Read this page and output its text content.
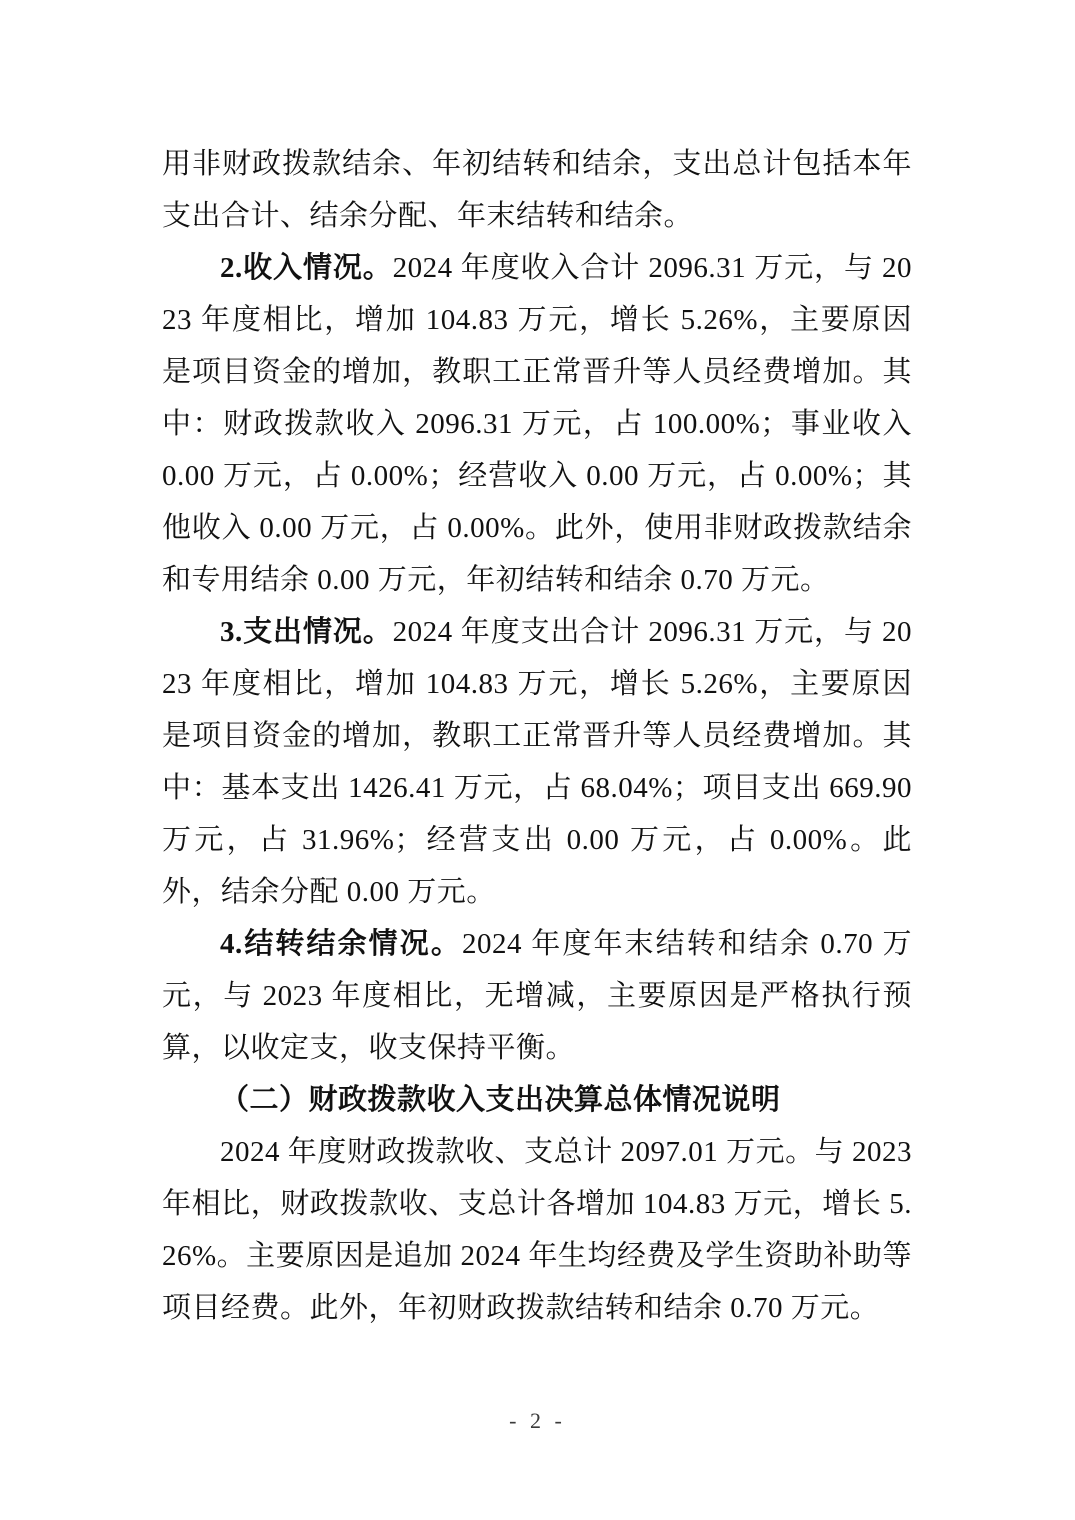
用非财政拨款结余、年初结转和结余，支出总计包括本年支出合计、结余分配、年末结转和结余。

2.收入情况。2024 年度收入合计 2096.31 万元，与 2023 年度相比，增加 104.83 万元，增长 5.26%，主要原因是项目资金的增加，教职工正常晋升等人员经费增加。其中：财政拨款收入 2096.31 万元，占 100.00%；事业收入 0.00 万元，占 0.00%；经营收入 0.00 万元，占 0.00%；其他收入 0.00 万元，占 0.00%。此外，使用非财政拨款结余和专用结余 0.00 万元，年初结转和结余 0.70 万元。

3.支出情况。2024 年度支出合计 2096.31 万元，与 2023 年度相比，增加 104.83 万元，增长 5.26%，主要原因是项目资金的增加，教职工正常晋升等人员经费增加。其中：基本支出 1426.41 万元，占 68.04%；项目支出 669.90 万元，占 31.96%；经营支出 0.00 万元，占 0.00%。此外，结余分配 0.00 万元。

4.结转结余情况。2024 年度年末结转和结余 0.70 万元，与 2023 年度相比，无增减，主要原因是严格执行预算，以收定支，收支保持平衡。

（二）财政拨款收入支出决算总体情况说明

2024 年度财政拨款收、支总计 2097.01 万元。与 2023 年相比，财政拨款收、支总计各增加 104.83 万元，增长 5.26%。主要原因是追加 2024 年生均经费及学生资助补助等项目经费。此外，年初财政拨款结转和结余 0.70 万元。

- 2 -
